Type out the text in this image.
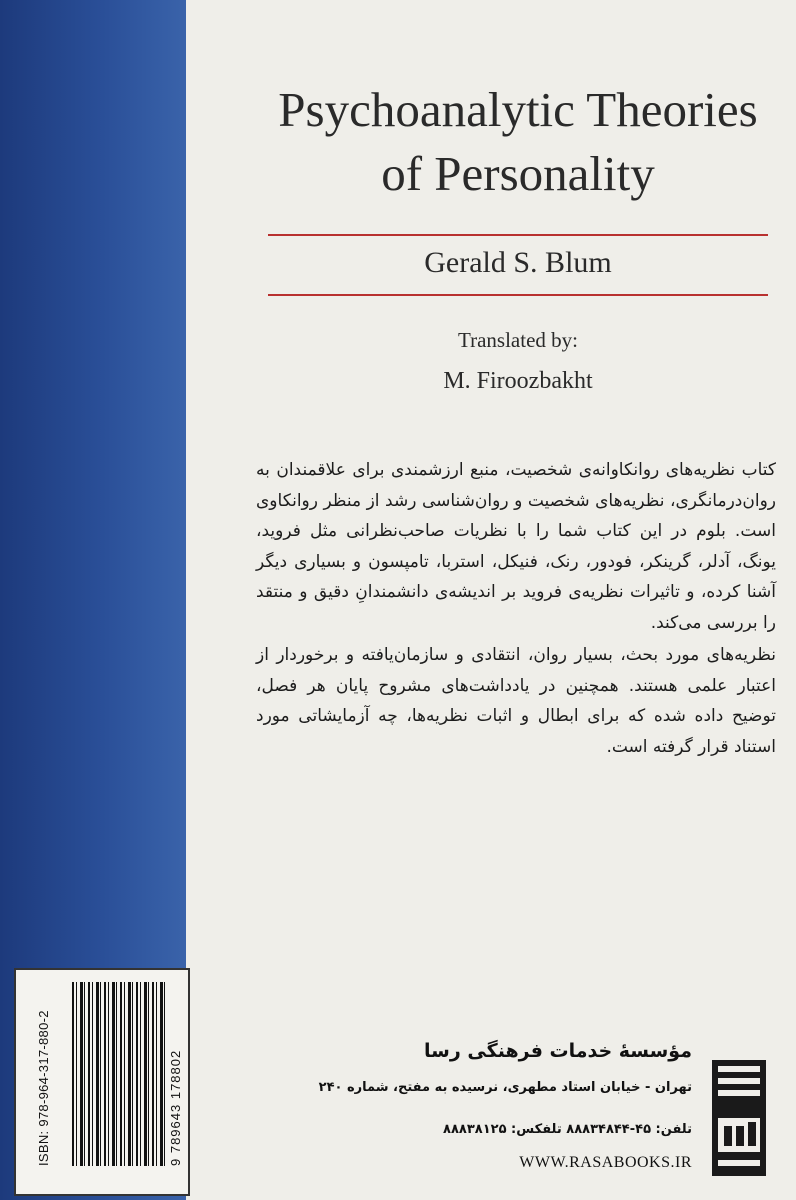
ISBN: 978-964-317-880-2	9 789643 178802
Psychoanalytic Theories
of Personality
Gerald S. Blum
Translated by:
M. Firoozbakht

کتاب نظریه‌های روانکاوانه‌ی شخصیت، منبع ارزشمندی برای علاقمندان به روان‌درمانگری، نظریه‌های شخصیت و روان‌شناسی رشد از منظر روانکاوی است. بلوم در این کتاب شما را با نظریات صاحب‌نظرانی مثل فروید، یونگ، آدلر، گرینکر، فودور، رنک، فنیکل، استربا، تامپسون و بسیاری دیگر آشنا کرده، و تاثیرات نظریه‌ی فروید بر اندیشه‌ی دانشمندانِ دقیق و منتقد را بررسی می‌کند.

نظریه‌های مورد بحث، بسیار روان، انتقادی و سازمان‌یافته و برخوردار از اعتبار علمی هستند. همچنین در یادداشت‌های مشروح پایان هر فصل، توضیح داده شده که برای ابطال و اثبات نظریه‌ها، چه آزمایشاتی مورد استناد قرار گرفته است.

مؤسسهٔ خدمات فرهنگی رسا
تهران - خیابان استاد مطهری، نرسیده به مفتح، شماره ۲۴۰
تلفن: ۴۵-۸۸۸۳۴۸۴۴ تلفکس: ۸۸۸۳۸۱۲۵
WWW.RASABOOKS.IR
